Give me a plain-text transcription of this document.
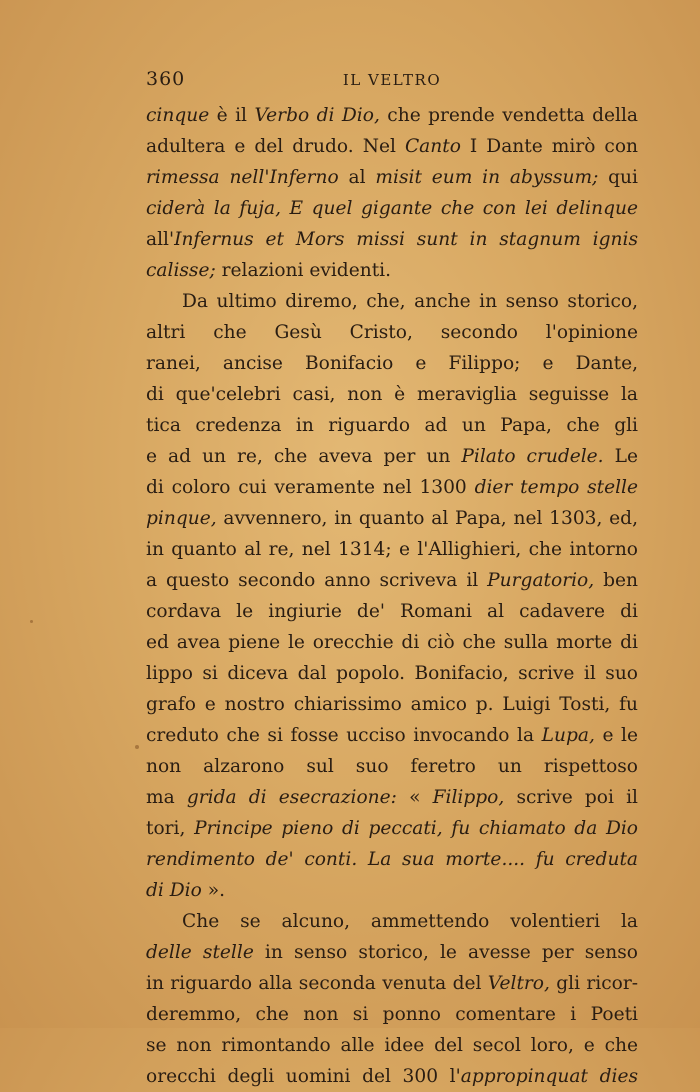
360	IL VELTRO
cinque è il Verbo di Dio, che prende vendetta della
adultera e del drudo. Nel Canto I Dante mirò con
rimessa nell'Inferno al misit eum in abyssum; qui
ciderà la fuja, E quel gigante che con lei delinque
all'Infernus et Mors missi sunt in stagnum ignis
calisse; relazioni evidenti.
Da ultimo diremo, che, anche in senso storico,
altri che Gesù Cristo, secondo l'opinione
ranei, ancise Bonifacio e Filippo; e Dante,
di que'celebri casi, non è meraviglia seguisse la
tica credenza in riguardo ad un Papa, che gli
e ad un re, che aveva per un Pilato crudele. Le
di coloro cui veramente nel 1300 dier tempo stelle
pinque, avvennero, in quanto al Papa, nel 1303, ed,
in quanto al re, nel 1314; e l'Allighieri, che intorno
a questo secondo anno scriveva il Purgatorio, ben
cordava le ingiurie de' Romani al cadavere di
ed avea piene le orecchie di ciò che sulla morte di
lippo si diceva dal popolo. Bonifacio, scrive il suo
grafo e nostro chiarissimo amico p. Luigi Tosti, fu
creduto che si fosse ucciso invocando la Lupa, e le
non alzarono sul suo feretro un rispettoso
ma grida di esecrazione: « Filippo, scrive poi il
tori, Principe pieno di peccati, fu chiamato da Dio
rendimento de' conti. La sua morte.... fu creduta
di Dio ».
Che se alcuno, ammettendo volentieri la
delle stelle in senso storico, le avesse per senso
in riguardo alla seconda venuta del Veltro, gli ricor-
deremmo, che non si ponno comentare i Poeti
se non rimontando alle idee del secol loro, e che
orecchi degli uomini del 300 l'appropinquat dies
